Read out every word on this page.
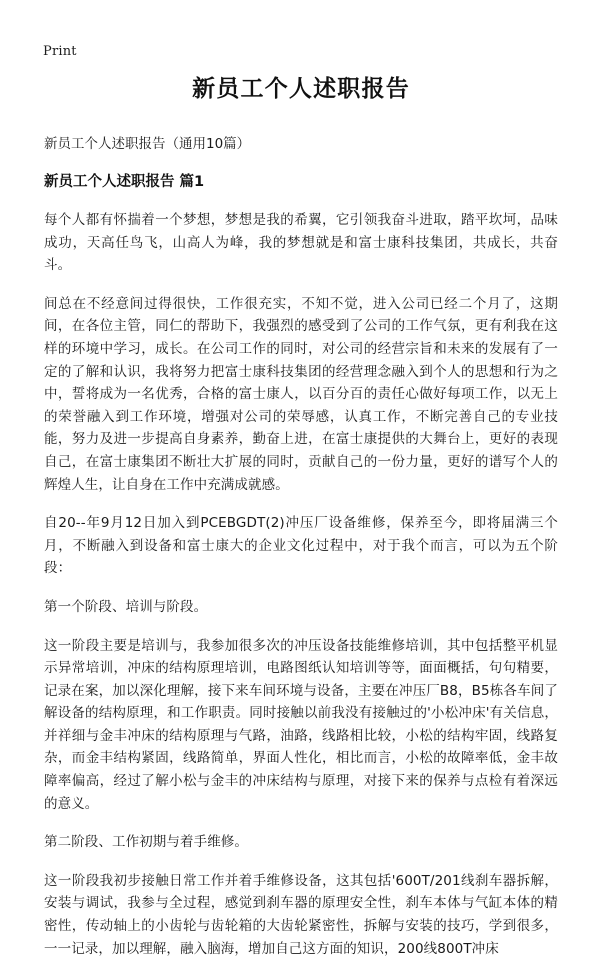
Print
新员工个人述职报告

新员工个人述职报告（通用10篇）

新员工个人述职报告 篇1

每个人都有怀揣着一个梦想，梦想是我的希翼，它引领我奋斗进取，踏平坎坷，品味成功，天高任鸟飞，山高人为峰，我的梦想就是和富士康科技集团，共成长，共奋斗。

间总在不经意间过得很快，工作很充实，不知不觉，进入公司已经二个月了，这期间，在各位主管，同仁的帮助下，我强烈的感受到了公司的工作气氛，更有利我在这样的环境中学习，成长。在公司工作的同时，对公司的经营宗旨和未来的发展有了一定的了解和认识，我将努力把富士康科技集团的经营理念融入到个人的思想和行为之中，誓将成为一名优秀，合格的富士康人，以百分百的责任心做好每项工作，以无上的荣誉融入到工作环境，增强对公司的荣辱感，认真工作，不断完善自己的专业技能，努力及进一步提高自身素养，勤奋上进，在富士康提供的大舞台上，更好的表现自己，在富士康集团不断壮大扩展的同时，贡献自己的一份力量，更好的谱写个人的辉煌人生，让自身在工作中充满成就感。

自20--年9月12日加入到PCEBGDT(2)冲压厂设备维修，保养至今，即将届满三个月，不断融入到设备和富士康大的企业文化过程中，对于我个而言，可以为五个阶段：

第一个阶段、培训与阶段。

这一阶段主要是培训与，我参加很多次的冲压设备技能维修培训，其中包括整平机显示异常培训，冲床的结构原理培训，电路图纸认知培训等等，面面概括，句句精要，记录在案，加以深化理解，接下来车间环境与设备，主要在冲压厂B8，B5栋各车间了解设备的结构原理，和工作职责。同时接触以前我没有接触过的'小松冲床'有关信息，并祥细与金丰冲床的结构原理与气路，油路，线路相比较，小松的结构牢固，线路复杂，而金丰结构紧固，线路简单，界面人性化，相比而言，小松的故障率低，金丰故障率偏高，经过了解小松与金丰的冲床结构与原理，对接下来的保养与点检有着深远的意义。

第二阶段、工作初期与着手维修。

这一阶段我初步接触日常工作并着手维修设备，这其包括'600T/201线刹车器拆解，安装与调试，我参与全过程，感觉到刹车器的原理安全性，刹车本体与气缸本体的精密性，传动轴上的小齿轮与齿轮箱的大齿轮紧密性，拆解与安装的技巧，学到很多，一一记录，加以理解，融入脑海，增加自己这方面的知识，200线800T冲床
